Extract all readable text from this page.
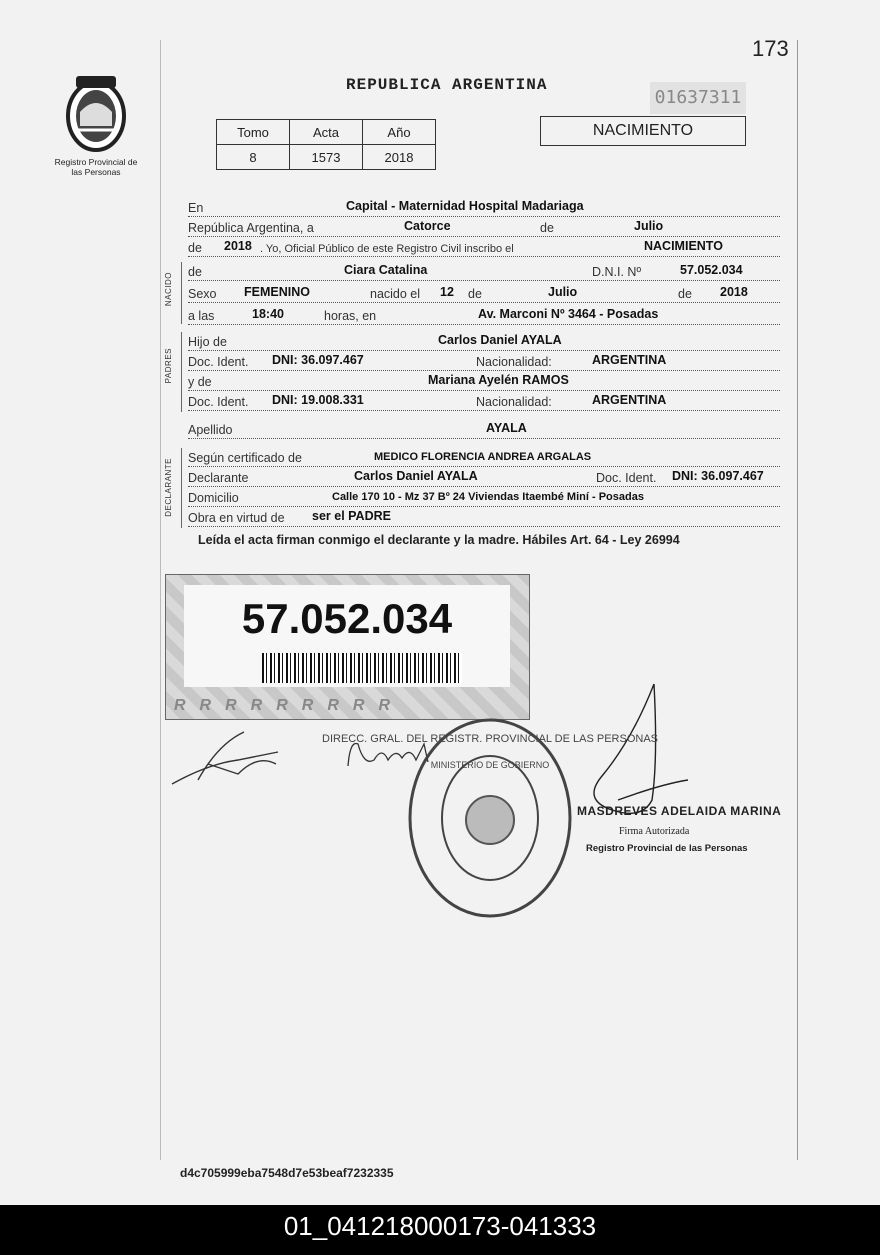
173
Registro Provincial de las Personas
REPUBLICA ARGENTINA
01637311
Tomo	Acta	Año
8	1573	2018
NACIMIENTO
En	Capital - Maternidad Hospital Madariaga
República Argentina, a	Catorce	de	Julio
de 2018 . Yo, Oficial Público de este Registro Civil inscribo el	NACIMIENTO
NACIDO de	Ciara Catalina	D.N.I. Nº	57.052.034
Sexo FEMENINO	nacido el 12 de	Julio	de 2018
a las	18:40	horas, en	Av. Marconi Nº 3464 - Posadas
PADRES
Hijo de	Carlos Daniel AYALA
Doc. Ident. DNI: 36.097.467	Nacionalidad:	ARGENTINA
y de	Mariana Ayelén RAMOS
Doc. Ident. DNI: 19.008.331	Nacionalidad:	ARGENTINA
Apellido	AYALA
DECLARANTE Según certificado de	MEDICO FLORENCIA ANDREA ARGALAS
Declarante	Carlos Daniel AYALA	Doc. Ident. DNI: 36.097.467
Domicilio	Calle 170 10 - Mz 37 Bº 24 Viviendas Itaembé Miní - Posadas
Obra en virtud de ser el PADRE
Leída el acta firman conmigo el declarante y la madre. Hábiles Art. 64 - Ley 26994
57.052.034
RRRRRRRRR
DIRECC. GRAL. DEL REGISTR. PROVINCIAL DE LAS PERSONAS
MINISTERIO DE GOBIERNO
MASDREVES ADELAIDA MARINA
Firma Autorizada
Registro Provincial de las Personas
d4c705999eba7548d7e53beaf7232335
01_041218000173-041333
